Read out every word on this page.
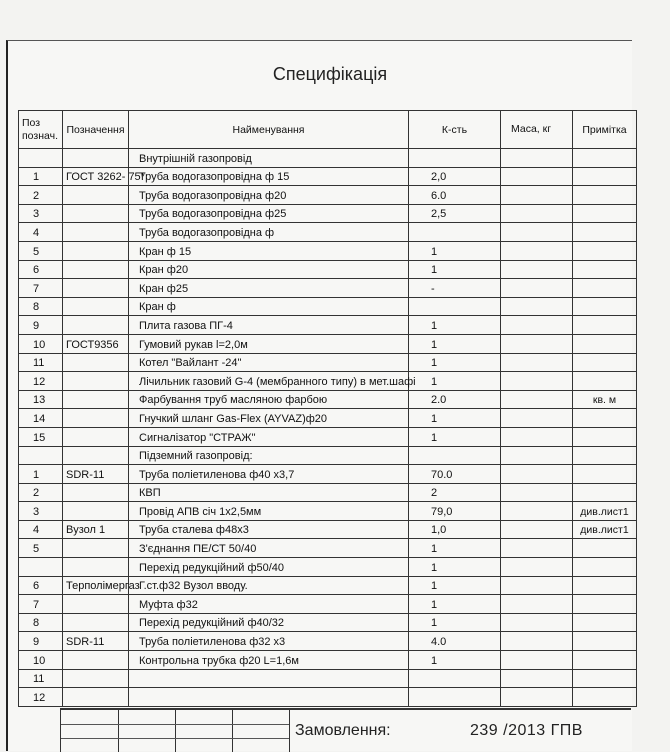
Специфікація
Поз познач.	Позначення	Найменування	К-сть	Маса, кг	Примітка
		Внутрішній газопровід			
1	ГОСТ 3262- 75*	Труба водогазопровідна ф 15	2,0		
2		Труба водогазопровідна ф20	6.0		
3		Труба водогазопровідна ф25	2,5		
4		Труба водогазопровідна ф			
5		Кран ф 15	1		
6		Кран ф20	1		
7		Кран ф25	-		
8		Кран ф			
9		Плита газова ПГ-4	1		
10	ГОСТ9356	Гумовий рукав l=2,0м	1		
11		Котел "Вайлант -24"	1		
12		Лічильник газовий G-4 (мембранного типу) в мет.шафі	1		
13		Фарбування труб масляною фарбою	2.0		кв. м
14		Гнучкий шланг Gas-Flex (AYVAZ)ф20	1		
15		Сигналізатор "СТРАЖ"	1		
		Підземний газопровід:			
1	SDR-11	Труба поліетиленова ф40 х3,7	70.0		
2		КВП	2		
3		Провід АПВ січ 1х2,5мм	79,0		див.лист1
4	Вузол 1	Труба сталева ф48х3	1,0		див.лист1
5		З'єднання ПЕ/СТ 50/40	1		
		Перехід редукційний ф50/40	1		
6	Терполімергаз	Г.ст.ф32 Вузол вводу.	1		
7		Муфта ф32	1		
8		Перехід редукційний ф40/32	1		
9	SDR-11	Труба поліетиленова ф32 х3	4.0		
10		Контрольна трубка ф20 L=1,6м	1		
11					
12					
Замовлення:	239 /2013 ГПВ
